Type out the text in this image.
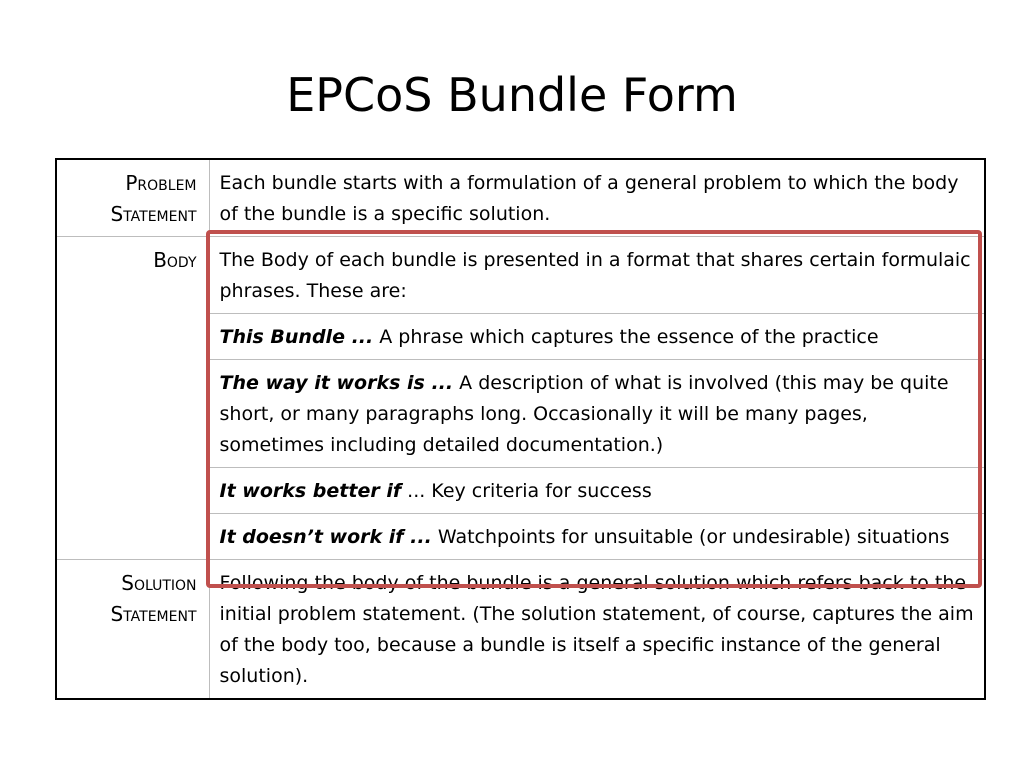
EPCoS Bundle Form
Problem
Statement	Each bundle starts with a formulation of a general problem to which the body of the bundle is a specific solution.
Body	The Body of each bundle is presented in a format that shares certain formulaic phrases. These are:
	This Bundle ... A phrase which captures the essence of the practice
	The way it works is ... A description of what is involved (this may be quite short, or many paragraphs long. Occasionally it will be many pages, sometimes including detailed documentation.)
	It works better if ... Key criteria for success
	It doesn’t work if ... Watchpoints for unsuitable (or undesirable) situations
Solution
Statement	Following the body of the bundle is a general solution which refers back to the initial problem statement. (The solution statement, of course, captures the aim of the body too, because a bundle is itself a specific instance of the general solution).
